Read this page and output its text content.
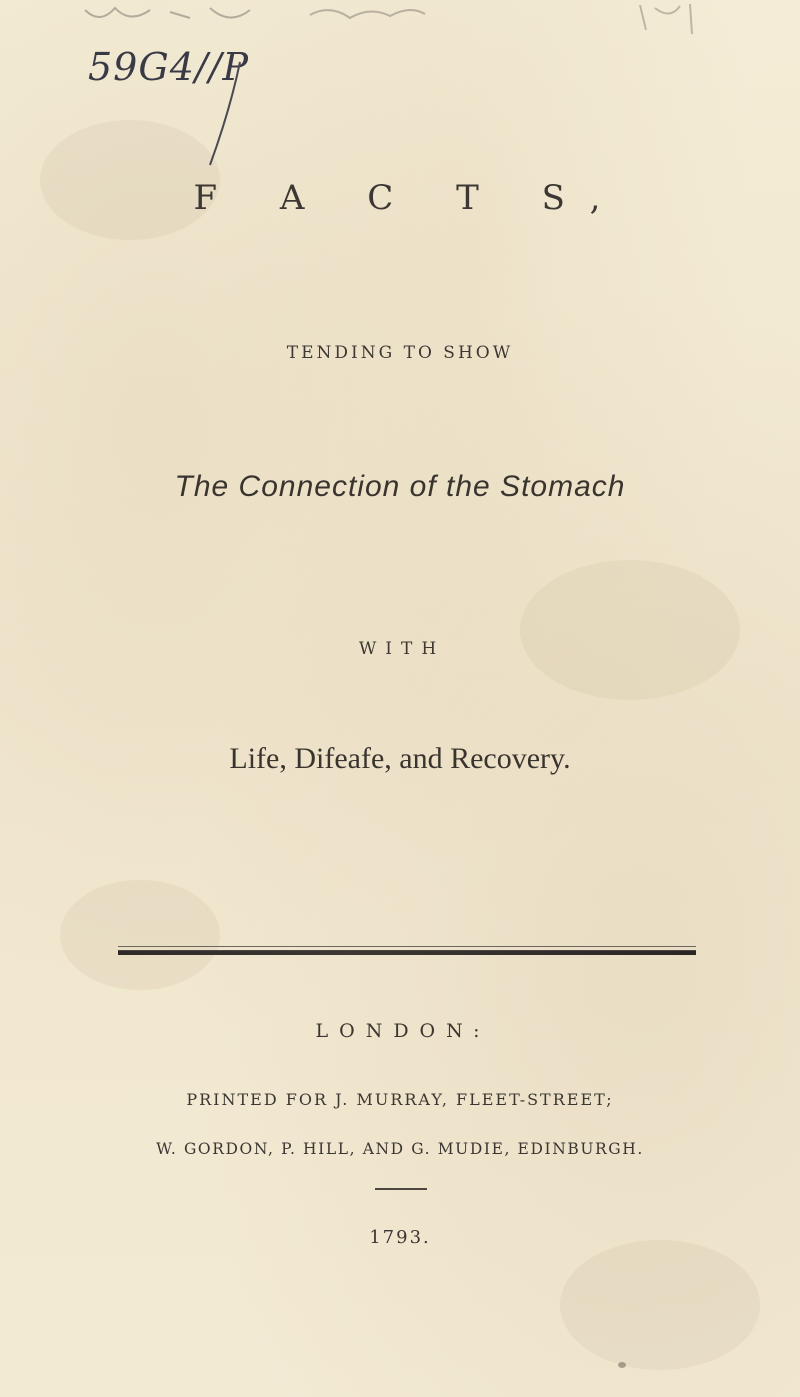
59G4//P
F A C T S,
TENDING TO SHOW
The Connection of the Stomach
WITH
Life, Difeafe, and Recovery.
LONDON:
PRINTED FOR J. MURRAY, FLEET-STREET;
W. GORDON, P. HILL, AND G. MUDIE, EDINBURGH.
1793.
